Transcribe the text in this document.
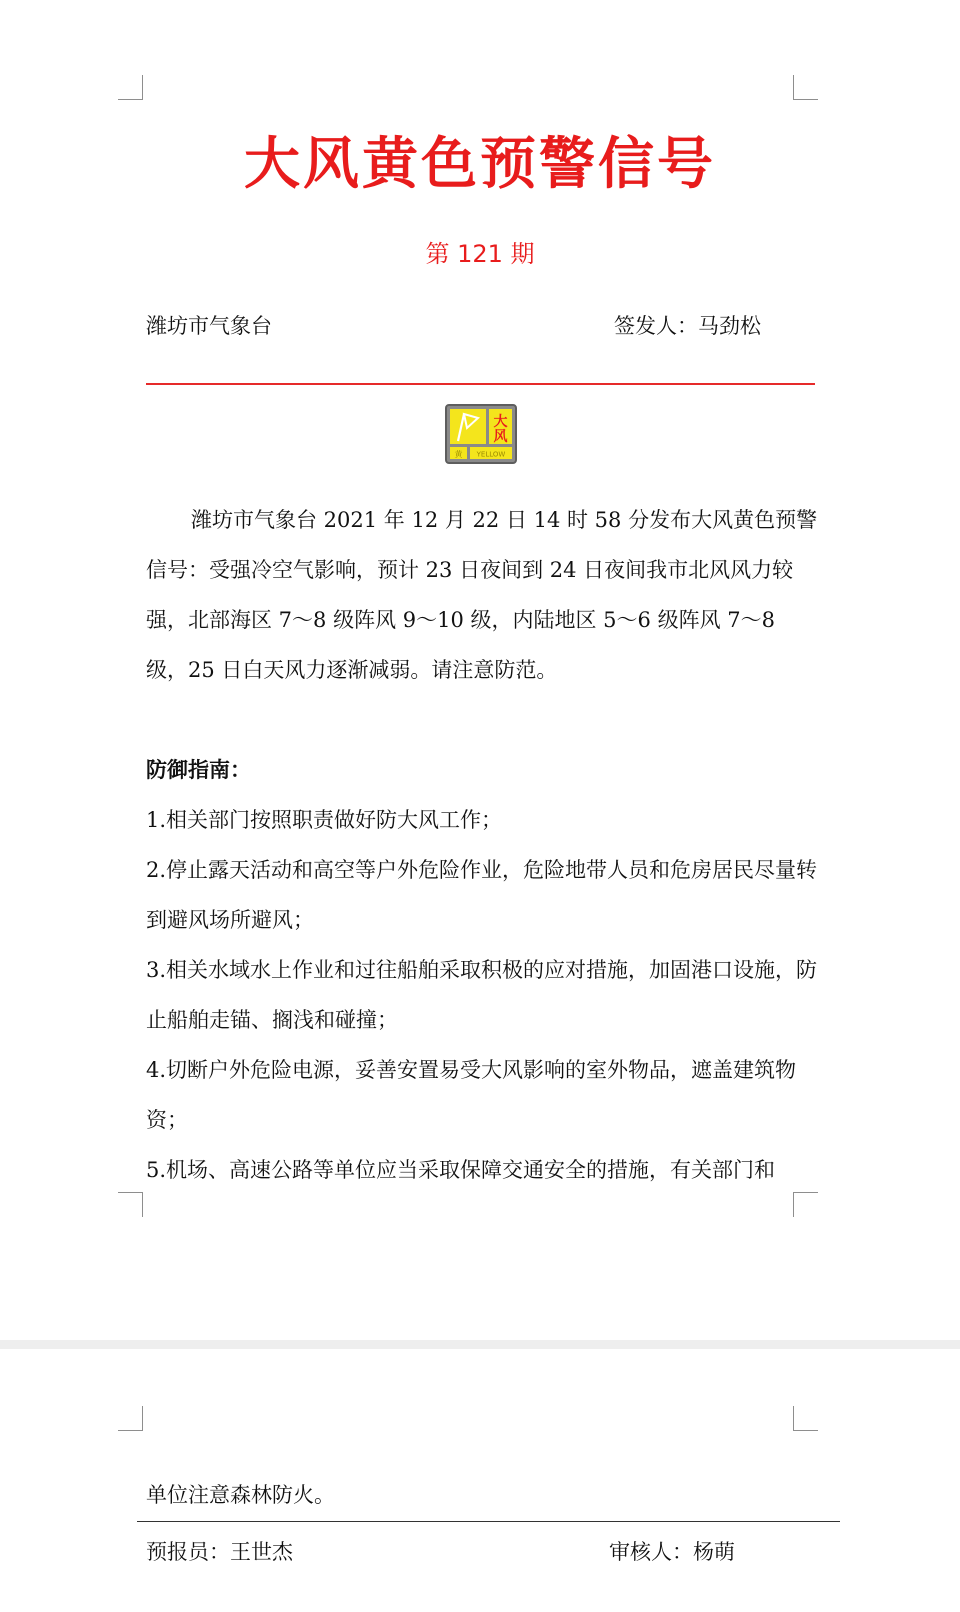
大风黄色预警信号
第 121 期
潍坊市气象台	签发人：马劲松
大
风
黄 YELLOW

潍坊市气象台 2021 年 12 月 22 日 14 时 58 分发布大风黄色预警信号：受强冷空气影响，预计 23 日夜间到 24 日夜间我市北风风力较强，北部海区 7～8 级阵风 9～10 级，内陆地区 5～6 级阵风 7～8 级，25 日白天风力逐渐减弱。请注意防范。

防御指南：
1.相关部门按照职责做好防大风工作；
2.停止露天活动和高空等户外危险作业，危险地带人员和危房居民尽量转到避风场所避风；
3.相关水域水上作业和过往船舶采取积极的应对措施，加固港口设施，防止船舶走锚、搁浅和碰撞；
4.切断户外危险电源，妥善安置易受大风影响的室外物品，遮盖建筑物资；
5.机场、高速公路等单位应当采取保障交通安全的措施，有关部门和
单位注意森林防火。
预报员：王世杰	审核人：杨萌
